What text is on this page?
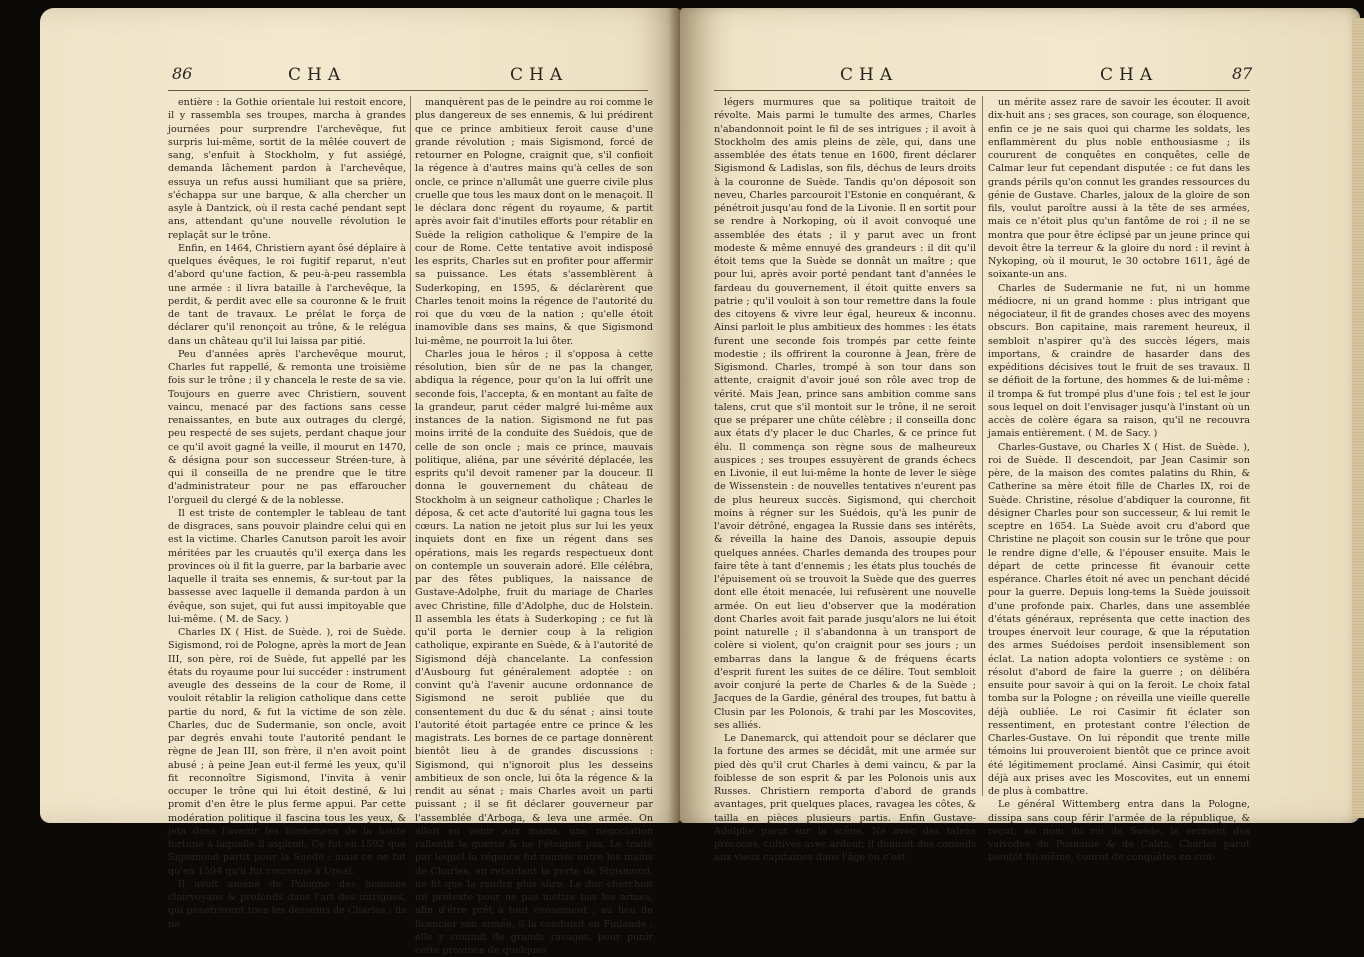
86	CHA	CHA

entière : la Gothie orientale lui restoit encore, il y rassembla ses troupes, marcha à grandes journées pour surprendre l'archevêque, fut surpris lui-même, sortit de la mêlée couvert de sang, s'enfuit à Stockholm, y fut assiégé, demanda lâchement pardon à l'archevêque, essuya un refus aussi humiliant que sa prière, s'échappa sur une barque, & alla chercher un asyle à Dantzick, où il resta caché pendant sept ans, attendant qu'une nouvelle révolution le replaçât sur le trône.

Enfin, en 1464, Christiern ayant ôsé déplaire à quelques évêques, le roi fugitif reparut, n'eut d'abord qu'une faction, & peu-à-peu rassembla une armée : il livra bataille à l'archevêque, la perdit, & perdit avec elle sa couronne & le fruit de tant de travaux. Le prélat le força de déclarer qu'il renonçoit au trône, & le relégua dans un château qu'il lui laissa par pitié.

Peu d'années après l'archevêque mourut, Charles fut rappellé, & remonta une troisième fois sur le trône ; il y chancela le reste de sa vie. Toujours en guerre avec Christiern, souvent vaincu, menacé par des factions sans cesse renaissantes, en bute aux outrages du clergé, peu respecté de ses sujets, perdant chaque jour ce qu'il avoit gagné la veille, il mourut en 1470, & désigna pour son successeur Stréen-ture, à qui il conseilla de ne prendre que le titre d'administrateur pour ne pas effaroucher l'orgueil du clergé & de la noblesse.

Il est triste de contempler le tableau de tant de disgraces, sans pouvoir plaindre celui qui en est la victime. Charles Canutson paroît les avoir méritées par les cruautés qu'il exerça dans les provinces où il fit la guerre, par la barbarie avec laquelle il traita ses ennemis, & sur-tout par la bassesse avec laquelle il demanda pardon à un évêque, son sujet, qui fut aussi impitoyable que lui-même. ( M. de Sacy. )

Charles IX ( Hist. de Suède. ), roi de Suède. Sigismond, roi de Pologne, après la mort de Jean III, son père, roi de Suède, fut appellé par les états du royaume pour lui succéder : instrument aveugle des desseins de la cour de Rome, il vouloit rétablir la religion catholique dans cette partie du nord, & fut la victime de son zèle. Charles, duc de Sudermanie, son oncle, avoit par degrés envahi toute l'autorité pendant le règne de Jean III, son frère, il n'en avoit point abusé ; à peine Jean eut-il fermé les yeux, qu'il fit reconnoître Sigismond, l'invita à venir occuper le trône qui lui étoit destiné, & lui promit d'en être le plus ferme appui. Par cette modération politique il fascina tous les yeux, & jeta dans l'avenir les fondemens de la haute fortune à laquelle il aspiroit. Ce fut en 1592 que Sigismond partit pour la Suède ; mais ce ne fut qu'en 1594 qu'il fut couronné à Upsal.

Il avoit amené de Pologne des hommes clairvoyans & profonds dans l'art des intrigues, qui pénétrèrent tous les desseins de Charles ; ils ne

manquèrent pas de le peindre au roi comme le plus dangereux de ses ennemis, & lui prédirent que ce prince ambitieux feroit cause d'une grande révolution ; mais Sigismond, forcé de retourner en Pologne, craignit que, s'il confioit la régence à d'autres mains qu'à celles de son oncle, ce prince n'allumât une guerre civile plus cruelle que tous les maux dont on le menaçoit. Il le déclara donc régent du royaume, & partit après avoir fait d'inutiles efforts pour rétablir en Suède la religion catholique & l'empire de la cour de Rome. Cette tentative avoit indisposé les esprits, Charles sut en profiter pour affermir sa puissance. Les états s'assemblèrent à Suderkoping, en 1595, & déclarèrent que Charles tenoit moins la régence de l'autorité du roi que du vœu de la nation ; qu'elle étoit inamovible dans ses mains, & que Sigismond lui-même, ne pourroit la lui ôter.

Charles joua le héros ; il s'opposa à cette résolution, bien sûr de ne pas la changer, abdiqua la régence, pour qu'on la lui offrît une seconde fois, l'accepta, & en montant au faîte de la grandeur, parut céder malgré lui-même aux instances de la nation. Sigismond ne fut pas moins irrité de la conduite des Suédois, que de celle de son oncle ; mais ce prince, mauvais politique, aliéna, par une sévérité déplacée, les esprits qu'il devoit ramener par la douceur. Il donna le gouvernement du château de Stockholm à un seigneur catholique ; Charles le déposa, & cet acte d'autorité lui gagna tous les cœurs. La nation ne jetoit plus sur lui les yeux inquiets dont en fixe un régent dans ses opérations, mais les regards respectueux dont on contemple un souverain adoré. Elle célébra, par des fêtes publiques, la naissance de Gustave-Adolphe, fruit du mariage de Charles avec Christine, fille d'Adolphe, duc de Holstein. Il assembla les états à Suderkoping ; ce fut là qu'il porta le dernier coup à la religion catholique, expirante en Suède, & à l'autorité de Sigismond déjà chancelante. La confession d'Ausbourg fut généralement adoptée : on convint qu'à l'avenir aucune ordonnance de Sigismond ne seroit publiée que du consentement du duc & du sénat ; ainsi toute l'autorité étoit partagée entre ce prince & les magistrats. Les bornes de ce partage donnèrent bientôt lieu à de grandes discussions : Sigismond, qui n'ignoroit plus les desseins ambitieux de son oncle, lui ôta la régence & la rendit au sénat ; mais Charles avoit un parti puissant ; il se fit déclarer gouverneur par l'assemblée d'Arboga, & leva une armée. On alloit en venir aux mains, une négociation rallentit la guerre & ne l'éteignit pas. Le traité par lequel la régence fut remise entre les mains de Charles, en retardant la perte de Sigismond, ne fit que la rendre plus sûre. Le duc cherchoit un prétexte pour ne pas mettre bas les armes, afin d'être prêt à tout événement ; au lieu de licencier son armée, il la conduisit en Finlande ; elle y commit de grands ravages, pour punir cette province de quelques

CHA	CHA	87

légers murmures que sa politique traitoit de révolte. Mais parmi le tumulte des armes, Charles n'abandonnoit point le fil de ses intrigues ; il avoit à Stockholm des amis pleins de zèle, qui, dans une assemblée des états tenue en 1600, firent déclarer Sigismond & Ladislas, son fils, déchus de leurs droits à la couronne de Suède. Tandis qu'on déposoit son neveu, Charles parcouroit l'Estonie en conquérant, & pénétroit jusqu'au fond de la Livonie. Il en sortit pour se rendre à Norkoping, où il avoit convoqué une assemblée des états ; il y parut avec un front modeste & même ennuyé des grandeurs : il dit qu'il étoit tems que la Suède se donnât un maître ; que pour lui, après avoir porté pendant tant d'années le fardeau du gouvernement, il étoit quitte envers sa patrie ; qu'il vouloit à son tour remettre dans la foule des citoyens & vivre leur égal, heureux & inconnu. Ainsi parloit le plus ambitieux des hommes : les états furent une seconde fois trompés par cette feinte modestie ; ils offrirent la couronne à Jean, frère de Sigismond. Charles, trompé à son tour dans son attente, craignit d'avoir joué son rôle avec trop de vérité. Mais Jean, prince sans ambition comme sans talens, crut que s'il montoit sur le trône, il ne seroit que se préparer une chûte célèbre ; il conseilla donc aux états d'y placer le duc Charles, & ce prince fut élu. Il commença son règne sous de malheureux auspices ; ses troupes essuyèrent de grands échecs en Livonie, il eut lui-même la honte de lever le siège de Wissenstein : de nouvelles tentatives n'eurent pas de plus heureux succès. Sigismond, qui cherchoit moins à régner sur les Suédois, qu'à les punir de l'avoir détrôné, engagea la Russie dans ses intérêts, & réveilla la haine des Danois, assoupie depuis quelques années. Charles demanda des troupes pour faire tête à tant d'ennemis ; les états plus touchés de l'épuisement où se trouvoit la Suède que des guerres dont elle étoit menacée, lui refusèrent une nouvelle armée. On eut lieu d'observer que la modération dont Charles avoit fait parade jusqu'alors ne lui étoit point naturelle ; il s'abandonna à un transport de colère si violent, qu'on craignit pour ses jours ; un embarras dans la langue & de fréquens écarts d'esprit furent les suites de ce délire. Tout sembloit avoir conjuré la perte de Charles & de la Suède ; Jacques de la Gardie, général des troupes, fut battu à Clusin par les Polonois, & trahi par les Moscovites, ses alliés.

Le Danemarck, qui attendoit pour se déclarer que la fortune des armes se décidât, mit une armée sur pied dès qu'il crut Charles à demi vaincu, & par la foiblesse de son esprit & par les Polonois unis aux Russes. Christiern remporta d'abord de grands avantages, prit quelques places, ravagea les côtes, & tailla en pièces plusieurs partis. Enfin Gustave-Adolphe parut sur la scène. Né avec des talens précoces, cultivés avec ardeur, il donnoit des conseils aux vieux capitaines dans l'âge où c'est

un mérite assez rare de savoir les écouter. Il avoit dix-huit ans ; ses graces, son courage, son éloquence, enfin ce je ne sais quoi qui charme les soldats, les enflammèrent du plus noble enthousiasme ; ils coururent de conquêtes en conquêtes, celle de Calmar leur fut cependant disputée : ce fut dans les grands périls qu'on connut les grandes ressources du génie de Gustave. Charles, jaloux de la gloire de son fils, voulut paroître aussi à la tête de ses armées, mais ce n'étoit plus qu'un fantôme de roi ; il ne se montra que pour être éclipsé par un jeune prince qui devoit être la terreur & la gloire du nord : il revint à Nykoping, où il mourut, le 30 octobre 1611, âgé de soixante-un ans.

Charles de Sudermanie ne fut, ni un homme médiocre, ni un grand homme : plus intrigant que négociateur, il fit de grandes choses avec des moyens obscurs. Bon capitaine, mais rarement heureux, il sembloit n'aspirer qu'à des succès légers, mais importans, & craindre de hasarder dans des expéditions décisives tout le fruit de ses travaux. Il se défioit de la fortune, des hommes & de lui-même : il trompa & fut trompé plus d'une fois ; tel est le jour sous lequel on doit l'envisager jusqu'à l'instant où un accès de colère égara sa raison, qu'il ne recouvra jamais entièrement. ( M. de Sacy. )

Charles-Gustave, ou Charles X ( Hist. de Suède. ), roi de Suède. Il descendoit, par Jean Casimir son père, de la maison des comtes palatins du Rhin, & Catherine sa mère étoit fille de Charles IX, roi de Suède. Christine, résolue d'abdiquer la couronne, fit désigner Charles pour son successeur, & lui remit le sceptre en 1654. La Suède avoit cru d'abord que Christine ne plaçoit son cousin sur le trône que pour le rendre digne d'elle, & l'épouser ensuite. Mais le départ de cette princesse fit évanouir cette espérance. Charles étoit né avec un penchant décidé pour la guerre. Depuis long-tems la Suède jouissoit d'une profonde paix. Charles, dans une assemblée d'états généraux, représenta que cette inaction des troupes énervoit leur courage, & que la réputation des armes Suédoises perdoit insensiblement son éclat. La nation adopta volontiers ce système : on résolut d'abord de faire la guerre ; on délibéra ensuite pour savoir à qui on la feroit. Le choix fatal tomba sur la Pologne ; on réveilla une vieille querelle déjà oubliée. Le roi Casimir fit éclater son ressentiment, en protestant contre l'élection de Charles-Gustave. On lui répondit que trente mille témoins lui prouveroient bientôt que ce prince avoit été légitimement proclamé. Ainsi Casimir, qui étoit déjà aux prises avec les Moscovites, eut un ennemi de plus à combattre.

Le général Wittemberg entra dans la Pologne, dissipa sans coup férir l'armée de la république, & reçut, au nom du roi de Suède, le serment des vaivodes de Posnanie & de Calitz. Charles parut bientôt lui-même, courut de conquêtes en con-
